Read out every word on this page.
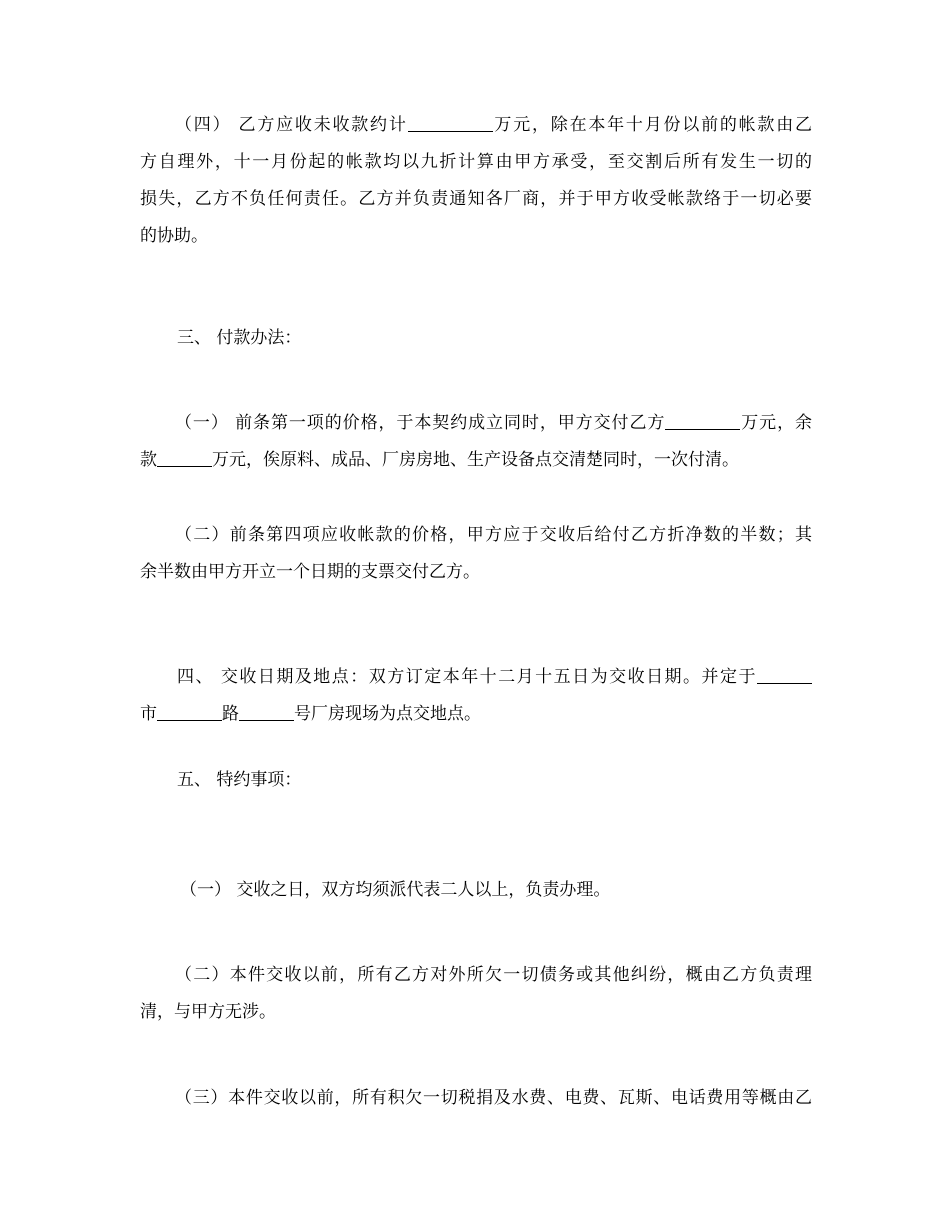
（四） 乙方应收未收款约计	万元，除在本年十月份以前的帐款由乙
方自理外，十一月份起的帐款均以九折计算由甲方承受，至交割后所有发生一切的
损失，乙方不负任何责任。乙方并负责通知各厂商，并于甲方收受帐款络于一切必要
的协助。
三、 付款办法：
（一） 前条第一项的价格，于本契约成立同时，甲方交付乙方	万元，余
款	万元，俟原料、成品、厂房房地、生产设备点交清楚同时，一次付清。
（二）前条第四项应收帐款的价格，甲方应于交收后给付乙方折净数的半数；其
余半数由甲方开立一个日期的支票交付乙方。
四、 交收日期及地点：双方订定本年十二月十五日为交收日期。并定于
市	路	号厂房现场为点交地点。
五、 特约事项：
（一） 交收之日，双方均须派代表二人以上，负责办理。
（二）本件交收以前，所有乙方对外所欠一切债务或其他纠纷，概由乙方负责理
清，与甲方无涉。
（三）本件交收以前，所有积欠一切税捐及水费、电费、瓦斯、电话费用等概由乙
